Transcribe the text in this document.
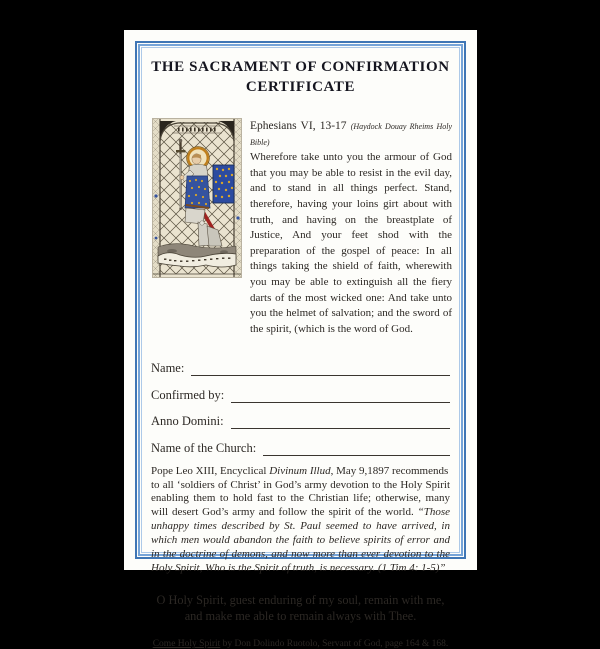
THE SACRAMENT OF CONFIRMATION
CERTIFICATE
Ephesians VI, 13-17 (Haydock Douay Rheims Holy Bible)
Wherefore take unto you the armour of God that you may be able to resist in the evil day, and to stand in all things perfect. Stand, therefore, having your loins girt about with truth, and having on the breastplate of Justice, And your feet shod with the preparation of the gospel of peace: In all things taking the shield of faith, wherewith you may be able to extinguish all the fiery darts of the most wicked one: And take unto you the helmet of salvation; and the sword of the spirit, (which is the word of God.
Name:
Confirmed by:
Anno Domini:
Name of the Church:
Pope Leo XIII, Encyclical Divinum Illud, May 9,1897 recommends
to all ‘soldiers of Christ’ in God’s army devotion to the Holy Spirit enabling them to hold fast to the Christian life; otherwise, many will desert God’s army and follow the spirit of the world. “Those unhappy times described by St. Paul seemed to have arrived, in which men would abandon the faith to believe spirits of error and in the doctrine of demons, and now more than ever devotion to the Holy Spirit, Who is the Spirit of truth, is necessary. (1 Tim 4: 1-5)”
O Holy Spirit, guest enduring of my soul, remain with me,
and make me able to remain always with Thee.
Come Holy Spirit by Don Dolindo Ruotolo, Servant of God, page 164 & 168.
